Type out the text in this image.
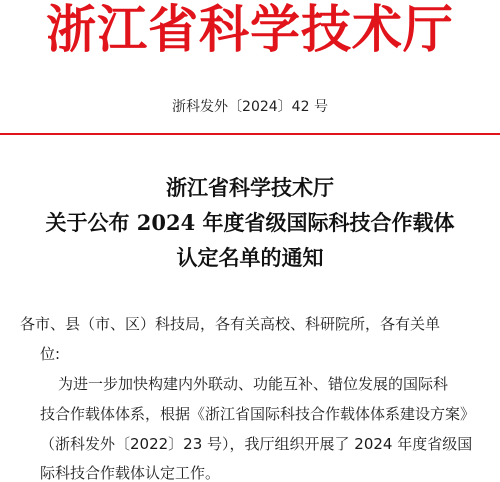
浙江省科学技术厅
浙科发外〔2024〕42 号
浙江省科学技术厅
关于公布 2024 年度省级国际科技合作载体
认定名单的通知
各市、县（市、区）科技局，各有关高校、科研院所，各有关单
位:
为进一步加快构建内外联动、功能互补、错位发展的国际科
技合作载体体系，根据《浙江省国际科技合作载体体系建设方案》
（浙科发外〔2022〕23 号），我厅组织开展了 2024 年度省级国
际科技合作载体认定工作。
